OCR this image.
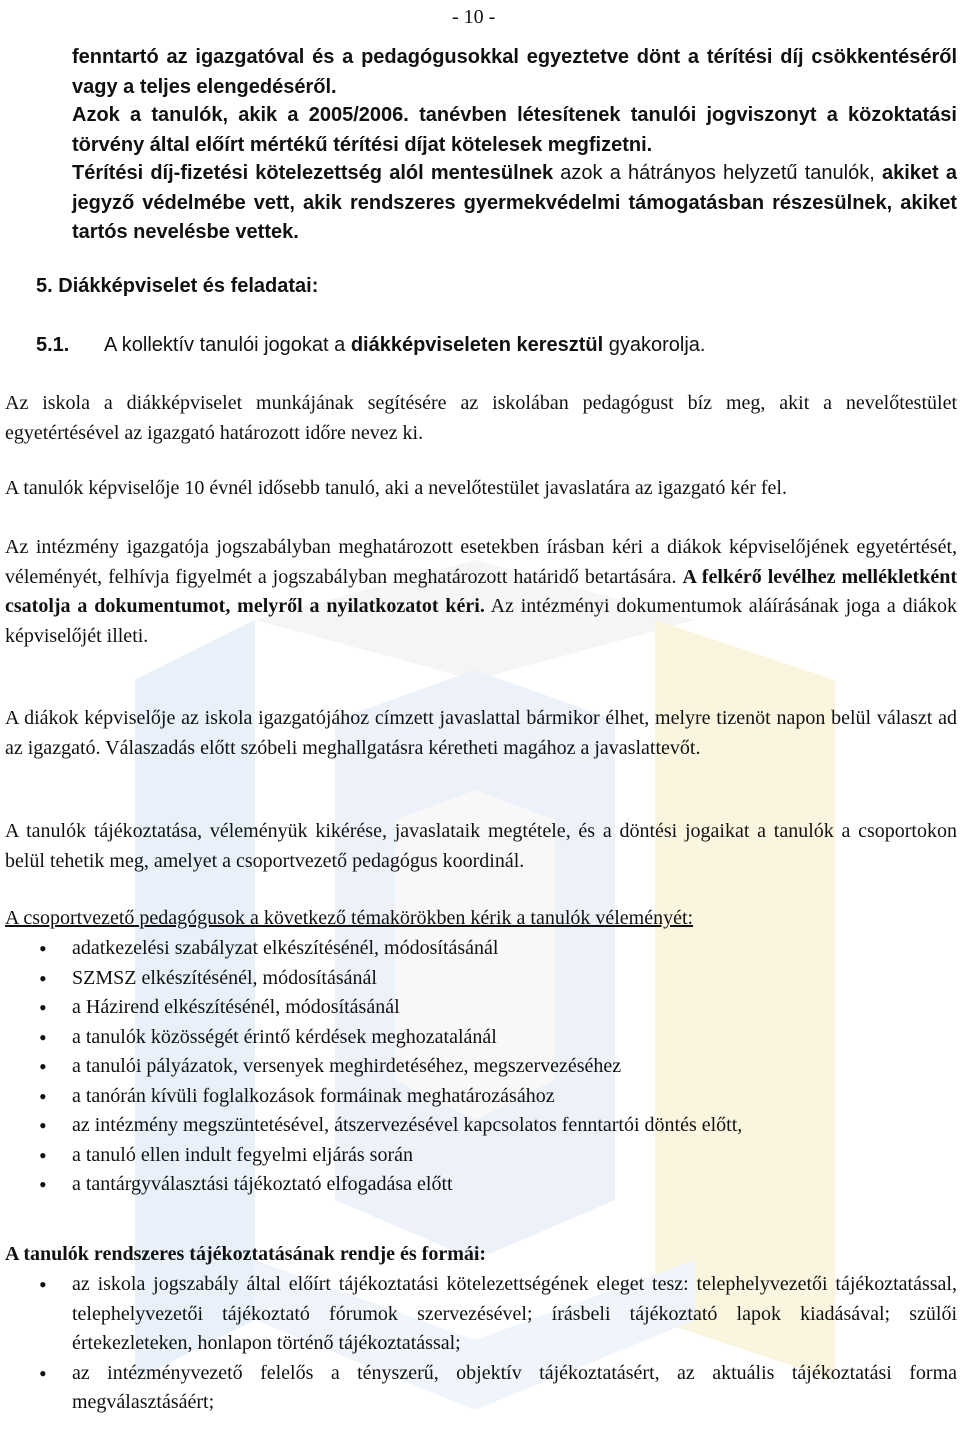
- 10 -
fenntartó az igazgatóval és a pedagógusokkal egyeztetve dönt a térítési díj csökkentéséről vagy a teljes elengedéséről.
Azok a tanulók, akik a 2005/2006. tanévben létesítenek tanulói jogviszonyt a közoktatási törvény által előírt mértékű térítési díjat kötelesek megfizetni.
Térítési díj-fizetési kötelezettség alól mentesülnek azok a hátrányos helyzetű tanulók, akiket a jegyző védelmébe vett, akik rendszeres gyermekvédelmi támogatásban részesülnek, akiket tartós nevelésbe vettek.
5. Diákképviselet és feladatai:
5.1. A kollektív tanulói jogokat a diákképviseleten keresztül gyakorolja.
Az iskola a diákképviselet munkájának segítésére az iskolában pedagógust bíz meg, akit a nevelőtestület egyetértésével az igazgató határozott időre nevez ki.
A tanulók képviselője 10 évnél idősebb tanuló, aki a nevelőtestület javaslatára az igazgató kér fel.
Az intézmény igazgatója jogszabályban meghatározott esetekben írásban kéri a diákok képviselőjének egyetértését, véleményét, felhívja figyelmét a jogszabályban meghatározott határidő betartására. A felkérő levélhez mellékletként csatolja a dokumentumot, melyről a nyilatkozatot kéri. Az intézményi dokumentumok aláírásának joga a diákok képviselőjét illeti.
A diákok képviselője az iskola igazgatójához címzett javaslattal bármikor élhet, melyre tizenöt napon belül választ ad az igazgató. Válaszadás előtt szóbeli meghallgatásra kéretheti magához a javaslattevőt.
A tanulók tájékoztatása, véleményük kikérése, javaslataik megtétele, és a döntési jogaikat a tanulók a csoportokon belül tehetik meg, amelyet a csoportvezető pedagógus koordinál.
A csoportvezető pedagógusok a következő témakörökben kérik a tanulók véleményét:
• adatkezelési szabályzat elkészítésénél, módosításánál
• SZMSZ elkészítésénél, módosításánál
• a Házirend elkészítésénél, módosításánál
• a tanulók közösségét érintő kérdések meghozatalánál
• a tanulói pályázatok, versenyek meghirdetéséhez, megszervezéséhez
• a tanórán kívüli foglalkozások formáinak meghatározásához
• az intézmény megszüntetésével, átszervezésével kapcsolatos fenntartói döntés előtt,
• a tanuló ellen indult fegyelmi eljárás során
• a tantárgyválasztási tájékoztató elfogadása előtt
A tanulók rendszeres tájékoztatásának rendje és formái:
• az iskola jogszabály által előírt tájékoztatási kötelezettségének eleget tesz: telephelyvezetői tájékoztatással, telephelyvezetői tájékoztató fórumok szervezésével; írásbeli tájékoztató lapok kiadásával; szülői értekezleteken, honlapon történő tájékoztatással;
• az intézményvezető felelős a tényszerű, objektív tájékoztatásért, az aktuális tájékoztatási forma megválasztásáért;
